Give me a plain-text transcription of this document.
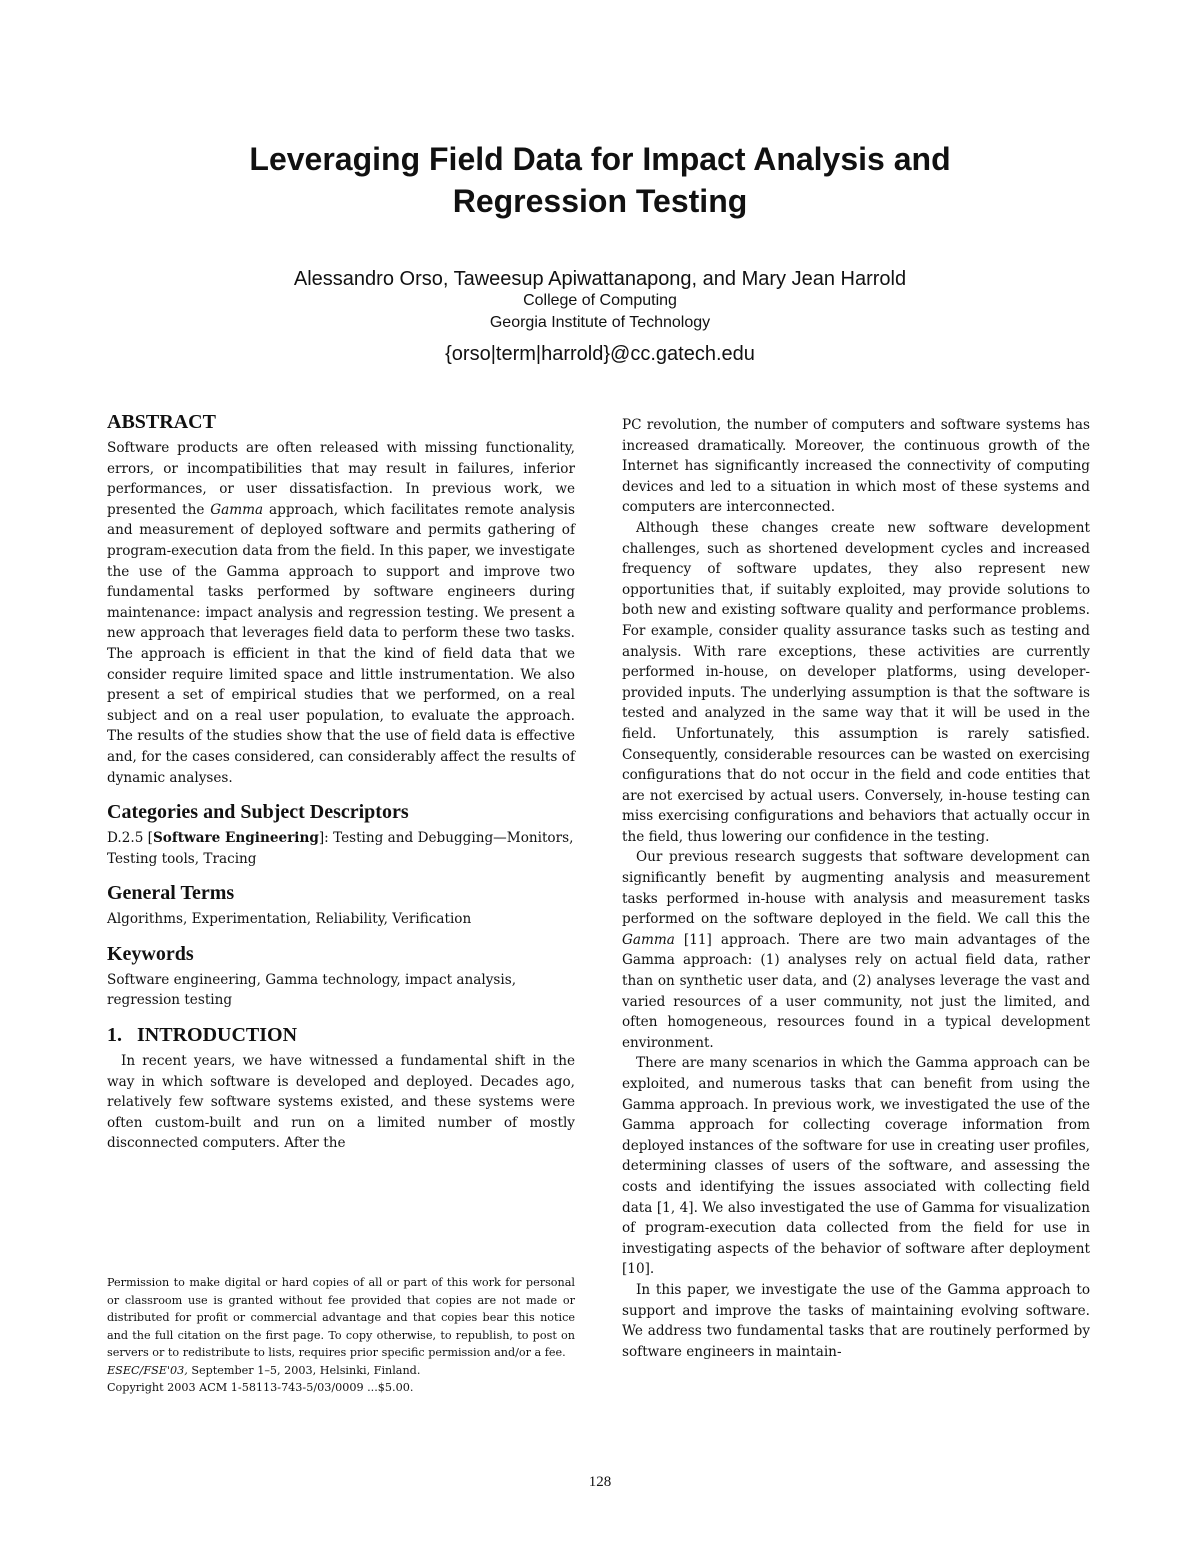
Leveraging Field Data for Impact Analysis and
Regression Testing
Alessandro Orso, Taweesup Apiwattanapong, and Mary Jean Harrold
College of Computing
Georgia Institute of Technology
{orso|term|harrold}@cc.gatech.edu
ABSTRACT

Software products are often released with missing functionality, errors, or incompatibilities that may result in failures, inferior performances, or user dissatisfaction. In previous work, we presented the Gamma approach, which facilitates remote analysis and measurement of deployed software and permits gathering of program-execution data from the field. In this paper, we investigate the use of the Gamma approach to support and improve two fundamental tasks performed by software engineers during maintenance: impact analysis and regression testing. We present a new approach that leverages field data to perform these two tasks. The approach is efficient in that the kind of field data that we consider require limited space and little instrumentation. We also present a set of empirical studies that we performed, on a real subject and on a real user population, to evaluate the approach. The results of the studies show that the use of field data is effective and, for the cases considered, can considerably affect the results of dynamic analyses.

Categories and Subject Descriptors

D.2.5 [Software Engineering]: Testing and Debugging—Monitors, Testing tools, Tracing

General Terms

Algorithms, Experimentation, Reliability, Verification

Keywords

Software engineering, Gamma technology, impact analysis, regression testing

1.   INTRODUCTION

In recent years, we have witnessed a fundamental shift in the way in which software is developed and deployed. Decades ago, relatively few software systems existed, and these systems were often custom-built and run on a limited number of mostly disconnected computers. After the

Permission to make digital or hard copies of all or part of this work for personal or classroom use is granted without fee provided that copies are not made or distributed for profit or commercial advantage and that copies bear this notice and the full citation on the first page. To copy otherwise, to republish, to post on servers or to redistribute to lists, requires prior specific permission and/or a fee.

ESEC/FSE'03, September 1–5, 2003, Helsinki, Finland.

Copyright 2003 ACM 1-58113-743-5/03/0009 ...$5.00.

PC revolution, the number of computers and software systems has increased dramatically. Moreover, the continuous growth of the Internet has significantly increased the connectivity of computing devices and led to a situation in which most of these systems and computers are interconnected.

Although these changes create new software development challenges, such as shortened development cycles and increased frequency of software updates, they also represent new opportunities that, if suitably exploited, may provide solutions to both new and existing software quality and performance problems. For example, consider quality assurance tasks such as testing and analysis. With rare exceptions, these activities are currently performed in-house, on developer platforms, using developer-provided inputs. The underlying assumption is that the software is tested and analyzed in the same way that it will be used in the field. Unfortunately, this assumption is rarely satisfied. Consequently, considerable resources can be wasted on exercising configurations that do not occur in the field and code entities that are not exercised by actual users. Conversely, in-house testing can miss exercising configurations and behaviors that actually occur in the field, thus lowering our confidence in the testing.

Our previous research suggests that software development can significantly benefit by augmenting analysis and measurement tasks performed in-house with analysis and measurement tasks performed on the software deployed in the field. We call this the Gamma [11] approach. There are two main advantages of the Gamma approach: (1) analyses rely on actual field data, rather than on synthetic user data, and (2) analyses leverage the vast and varied resources of a user community, not just the limited, and often homogeneous, resources found in a typical development environment.

There are many scenarios in which the Gamma approach can be exploited, and numerous tasks that can benefit from using the Gamma approach. In previous work, we investigated the use of the Gamma approach for collecting coverage information from deployed instances of the software for use in creating user profiles, determining classes of users of the software, and assessing the costs and identifying the issues associated with collecting field data [1, 4]. We also investigated the use of Gamma for visualization of program-execution data collected from the field for use in investigating aspects of the behavior of software after deployment [10].

In this paper, we investigate the use of the Gamma approach to support and improve the tasks of maintaining evolving software. We address two fundamental tasks that are routinely performed by software engineers in maintain-

128
